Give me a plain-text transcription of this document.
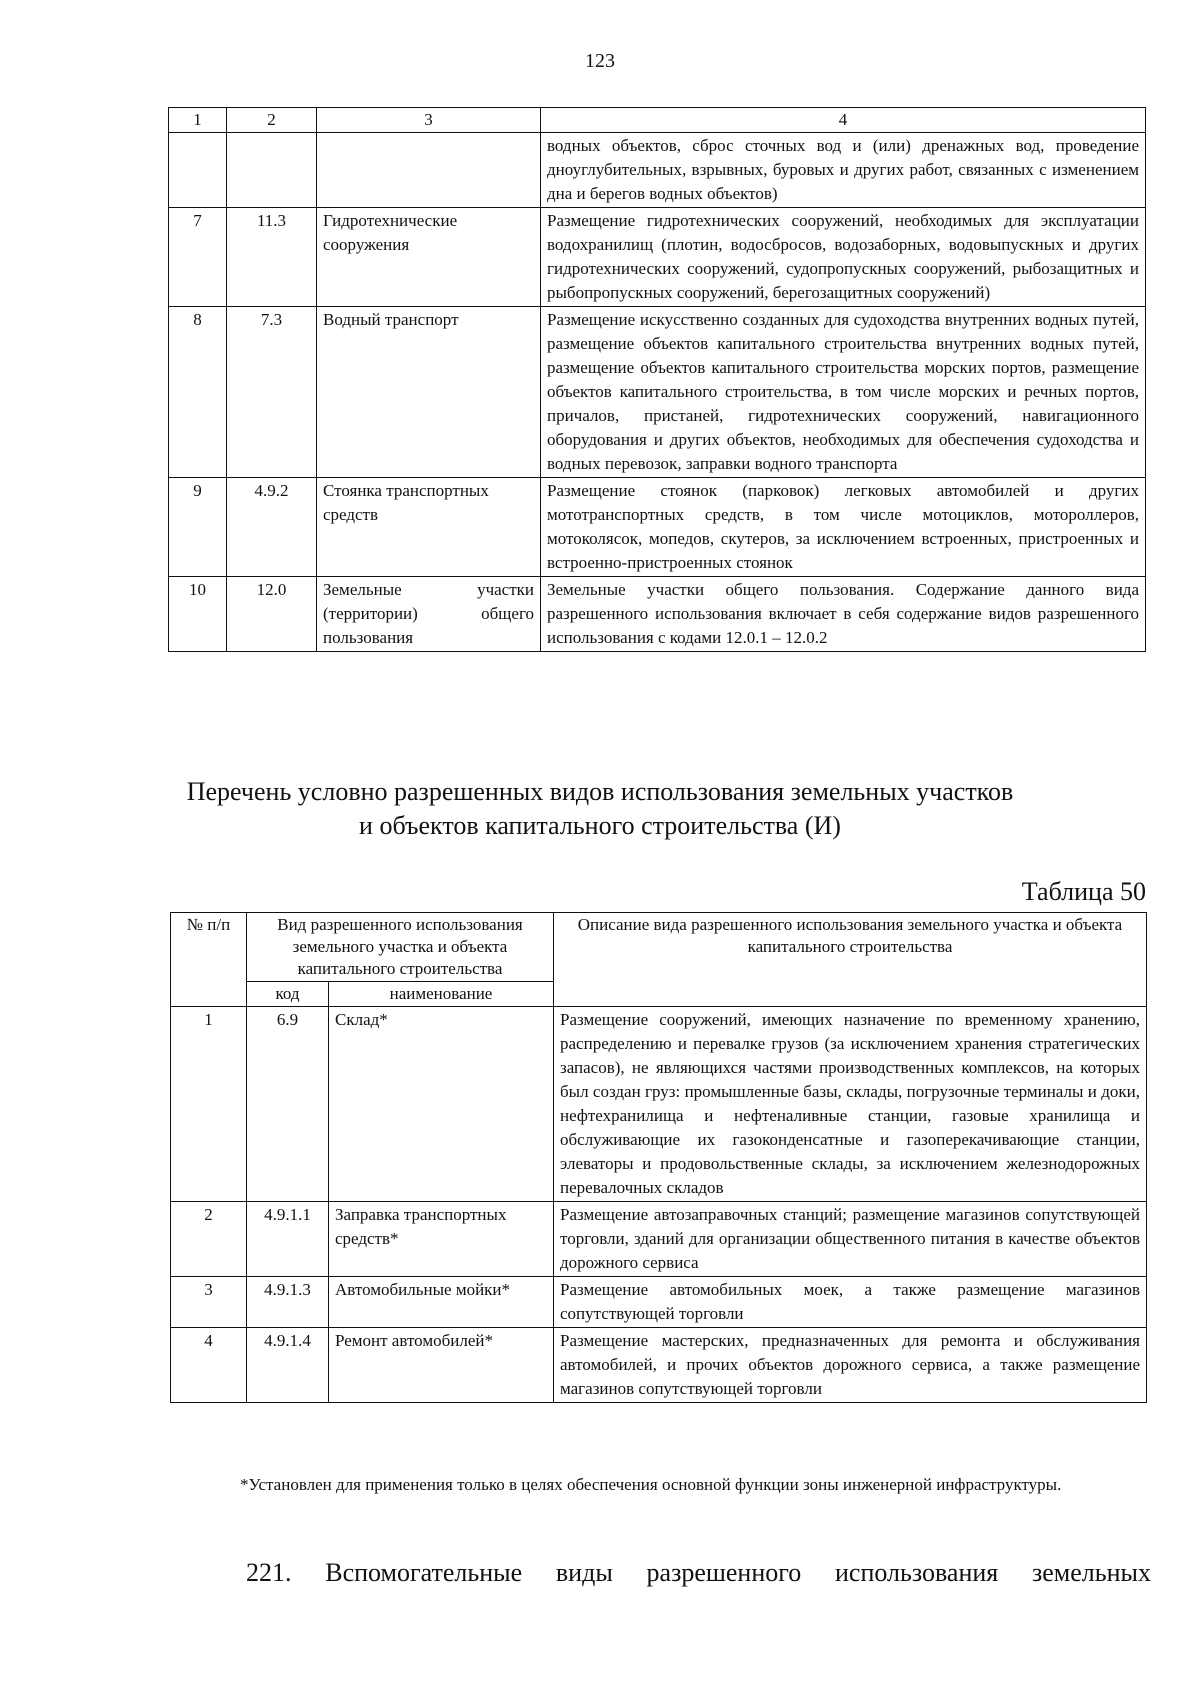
123
1	2	3	4
			водных объектов, сброс сточных вод и (или) дренажных вод, проведение дноуглубительных, взрывных, буровых и других работ, связанных с изменением дна и берегов водных объектов)
7	11.3	Гидротехнические сооружения	Размещение гидротехнических сооружений, необходимых для эксплуатации водохранилищ (плотин, водосбросов, водозаборных, водовыпускных и других гидротехнических сооружений, судопропускных сооружений, рыбозащитных и рыбопропускных сооружений, берегозащитных сооружений)
8	7.3	Водный транспорт	Размещение искусственно созданных для судоходства внутренних водных путей, размещение объектов капитального строительства внутренних водных путей, размещение объектов капитального строительства морских портов, размещение объектов капитального строительства, в том числе морских и речных портов, причалов, пристаней, гидротехнических сооружений, навигационного оборудования и других объектов, необходимых для обеспечения судоходства и водных перевозок, заправки водного транспорта
9	4.9.2	Стоянка транспортных средств	Размещение стоянок (парковок) легковых автомобилей и других мототранспортных средств, в том числе мотоциклов, мотороллеров, мотоколясок, мопедов, скутеров, за исключением встроенных, пристроенных и встроенно-пристроенных стоянок
10	12.0	Земельные участки (территории) общего пользования	Земельные участки общего пользования. Содержание данного вида разрешенного использования включает в себя содержание видов разрешенного использования с кодами 12.0.1 – 12.0.2
Перечень условно разрешенных видов использования земельных участков
и объектов капитального строительства (И)
Таблица 50
№ п/п	Вид разрешенного использования земельного участка и объекта капитального строительства		Описание вида разрешенного использования земельного участка и объекта капитального строительства
	код	наименование	
1	6.9	Склад*	Размещение сооружений, имеющих назначение по временному хранению, распределению и перевалке грузов (за исключением хранения стратегических запасов), не являющихся частями производственных комплексов, на которых был создан груз: промышленные базы, склады, погрузочные терминалы и доки, нефтехранилища и нефтеналивные станции, газовые хранилища и обслуживающие их газоконденсатные и газоперекачивающие станции, элеваторы и продовольственные склады, за исключением железнодорожных перевалочных складов
2	4.9.1.1	Заправка транспортных средств*	Размещение автозаправочных станций; размещение магазинов сопутствующей торговли, зданий для организации общественного питания в качестве объектов дорожного сервиса
3	4.9.1.3	Автомобильные мойки*	Размещение автомобильных моек, а также размещение магазинов сопутствующей торговли
4	4.9.1.4	Ремонт автомобилей*	Размещение мастерских, предназначенных для ремонта и обслуживания автомобилей, и прочих объектов дорожного сервиса, а также размещение магазинов сопутствующей торговли
*Установлен для применения только в целях обеспечения основной функции зоны инженерной инфраструктуры.
221. Вспомогательные виды разрешенного использования земельных
